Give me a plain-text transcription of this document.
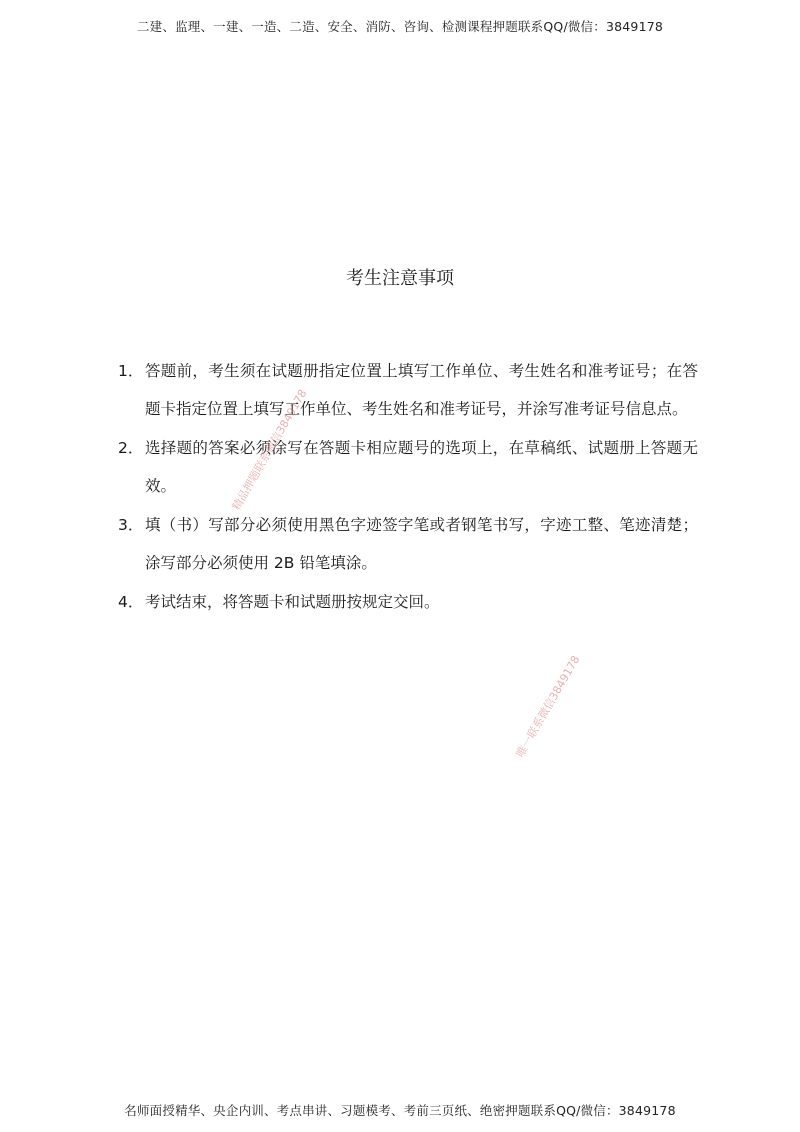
二建、监理、一建、一造、二造、安全、消防、咨询、检测课程押题联系QQ/微信：3849178
考生注意事项
1． 答题前，考生须在试题册指定位置上填写工作单位、考生姓名和准考证号；在答题卡指定位置上填写工作单位、考生姓名和准考证号，并涂写准考证号信息点。
2． 选择题的答案必须涂写在答题卡相应题号的选项上，在草稿纸、试题册上答题无效。
3． 填（书）写部分必须使用黑色字迹签字笔或者钢笔书写，字迹工整、笔迹清楚；涂写部分必须使用 2B 铅笔填涂。
4． 考试结束，将答题卡和试题册按规定交回。
精品押题联系微信3849178
唯一联系微信3849178
名师面授精华、央企内训、考点串讲、习题模考、考前三页纸、绝密押题联系QQ/微信：3849178
